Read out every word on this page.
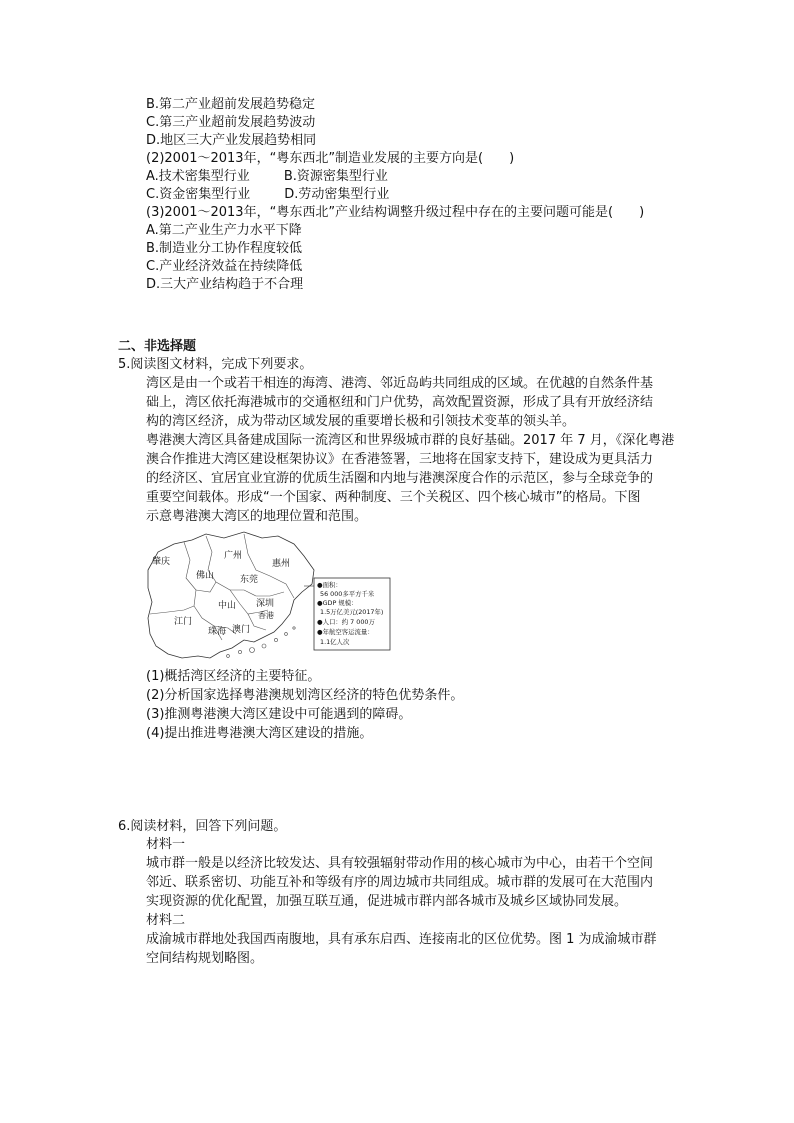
B.第二产业超前发展趋势稳定
C.第三产业超前发展趋势波动
D.地区三大产业发展趋势相同
(2)2001～2013年，“粤东西北”制造业发展的主要方向是(　　)
A.技术密集型行业	B.资源密集型行业
C.资金密集型行业	D.劳动密集型行业
(3)2001～2013年，“粤东西北”产业结构调整升级过程中存在的主要问题可能是(　　)
A.第二产业生产力水平下降
B.制造业分工协作程度较低
C.产业经济效益在持续降低
D.三大产业结构趋于不合理
二、非选择题
5.阅读图文材料，完成下列要求。
湾区是由一个或若干相连的海湾、港湾、邻近岛屿共同组成的区域。在优越的自然条件基
础上，湾区依托海港城市的交通枢纽和门户优势，高效配置资源，形成了具有开放经济结
构的湾区经济，成为带动区域发展的重要增长极和引领技术变革的领头羊。
粤港澳大湾区具备建成国际一流湾区和世界级城市群的良好基础。2017 年 7 月，《深化粤港
澳合作推进大湾区建设框架协议》在香港签署，三地将在国家支持下，建设成为更具活力
的经济区、宜居宜业宜游的优质生活圈和内地与港澳深度合作的示范区，参与全球竞争的
重要空间载体。形成“一个国家、两种制度、三个关税区、四个核心城市”的格局。下图
示意粤港澳大湾区的地理位置和范围。
肇庆
广州
惠州
佛山	东莞
中山 深圳
香港
江门
珠海 澳门
●面积：
56 000多平方千米
●GDP 规模：
1.5万亿美元(2017年)
●人口：约 7 000万
●年航空客运流量：
1.1亿人次
(1)概括湾区经济的主要特征。
(2)分析国家选择粤港澳规划湾区经济的特色优势条件。
(3)推测粤港澳大湾区建设中可能遇到的障碍。
(4)提出推进粤港澳大湾区建设的措施。
6.阅读材料，回答下列问题。
材料一
城市群一般是以经济比较发达、具有较强辐射带动作用的核心城市为中心，由若干个空间
邻近、联系密切、功能互补和等级有序的周边城市共同组成。城市群的发展可在大范围内
实现资源的优化配置，加强互联互通，促进城市群内部各城市及城乡区域协同发展。
材料二
成渝城市群地处我国西南腹地，具有承东启西、连接南北的区位优势。图 1 为成渝城市群
空间结构规划略图。
